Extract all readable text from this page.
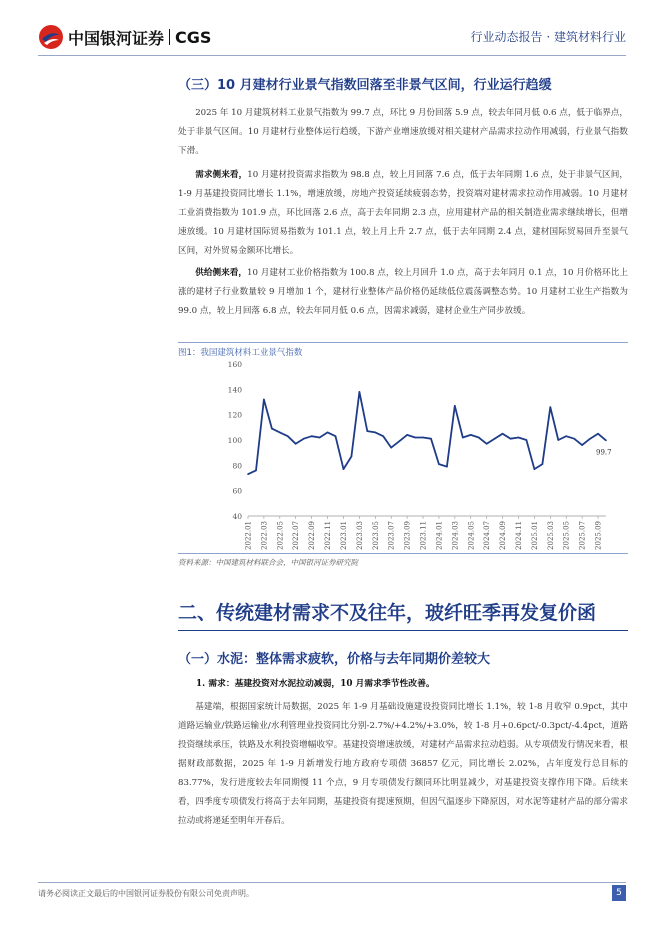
中国银河证券 CGS	行业动态报告 · 建筑材料行业
（三）10 月建材行业景气指数回落至非景气区间，行业运行趋缓

2025 年 10 月建筑材料工业景气指数为 99.7 点，环比 9 月份回落 5.9 点，较去年同月低 0.6 点，低于临界点，处于非景气区间。10 月建材行业整体运行趋缓，下游产业增速放缓对相关建材产品需求拉动作用减弱，行业景气指数下滑。

需求侧来看，10 月建材投资需求指数为 98.8 点，较上月回落 7.6 点，低于去年同期 1.6 点，处于非景气区间，1-9 月基建投资同比增长 1.1%，增速放缓，房地产投资延续疲弱态势，投资端对建材需求拉动作用减弱。10 月建材工业消费指数为 101.9 点，环比回落 2.6 点，高于去年同期 2.3 点，应用建材产品的相关制造业需求继续增长，但增速放缓。10 月建材国际贸易指数为 101.1 点，较上月上升 2.7 点，低于去年同期 2.4 点，建材国际贸易回升至景气区间，对外贸易金额环比增长。

供给侧来看，10 月建材工业价格指数为 100.8 点，较上月回升 1.0 点，高于去年同月 0.1 点，10 月价格环比上涨的建材子行业数量较 9 月增加 1 个，建材行业整体产品价格仍延续低位震荡调整态势。10 月建材工业生产指数为 99.0 点，较上月回落 6.8 点，较去年同月低 0.6 点，因需求减弱，建材企业生产同步放缓。

图1：我国建筑材料工业景气指数
40
60
80
100
120
140
160
2022.01 2022.03 2022.05 2022.07 2022.09 2022.11 2023.01 2023.03 2023.05 2023.07 2023.09 2023.11 2024.01 2024.03 2024.05 2024.07 2024.09 2024.11 2025.01 2025.03 2025.05 2025.07 2025.09
99.7
资料来源：中国建筑材料联合会，中国银河证券研究院
二、传统建材需求不及往年，玻纤旺季再发复价函
（一）水泥：整体需求疲软，价格与去年同期价差较大
1. 需求：基建投资对水泥拉动减弱，10 月需求季节性改善。

基建端，根据国家统计局数据，2025 年 1-9 月基础设施建设投资同比增长 1.1%，较 1-8 月收窄 0.9pct，其中道路运输业/铁路运输业/水利管理业投资同比分别-2.7%/+4.2%/+3.0%，较 1-8 月+0.6pct/-0.3pct/-4.4pct，道路投资继续承压，铁路及水利投资增幅收窄。基建投资增速放缓，对建材产品需求拉动趋弱。从专项债发行情况来看，根据财政部数据，2025 年 1-9 月新增发行地方政府专项债 36857 亿元，同比增长 2.02%，占年度发行总目标的 83.77%，发行进度较去年同期慢 11 个点，9 月专项债发行额同环比明显减少，对基建投资支撑作用下降。后续来看，四季度专项债发行将高于去年同期，基建投资有提速预期，但因气温逐步下降原因，对水泥等建材产品的部分需求拉动或将递延至明年开春后。

请务必阅读正文最后的中国银河证券股份有限公司免责声明。	5
